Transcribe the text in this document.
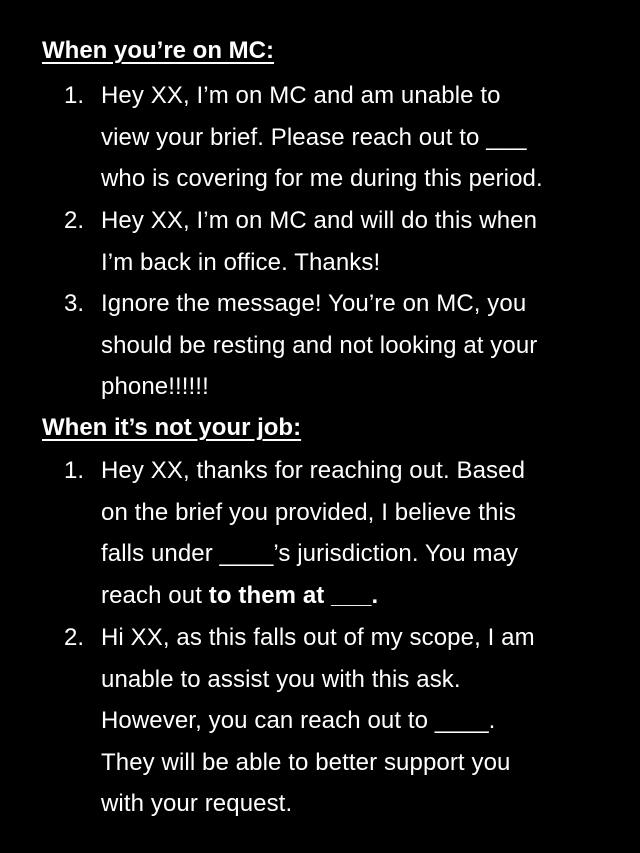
When you’re on MC:
1. Hey XX, I’m on MC and am unable to
view your brief. Please reach out to ___
who is covering for me during this period.
2. Hey XX, I’m on MC and will do this when
I’m back in office. Thanks!
3. Ignore the message! You’re on MC, you
should be resting and not looking at your
phone!!!!!!
When it’s not your job:
1. Hey XX, thanks for reaching out. Based
on the brief you provided, I believe this
falls under ____’s jurisdiction. You may
reach out to them at ___.
2. Hi XX, as this falls out of my scope, I am
unable to assist you with this ask.
However, you can reach out to ____.
They will be able to better support you
with your request.
